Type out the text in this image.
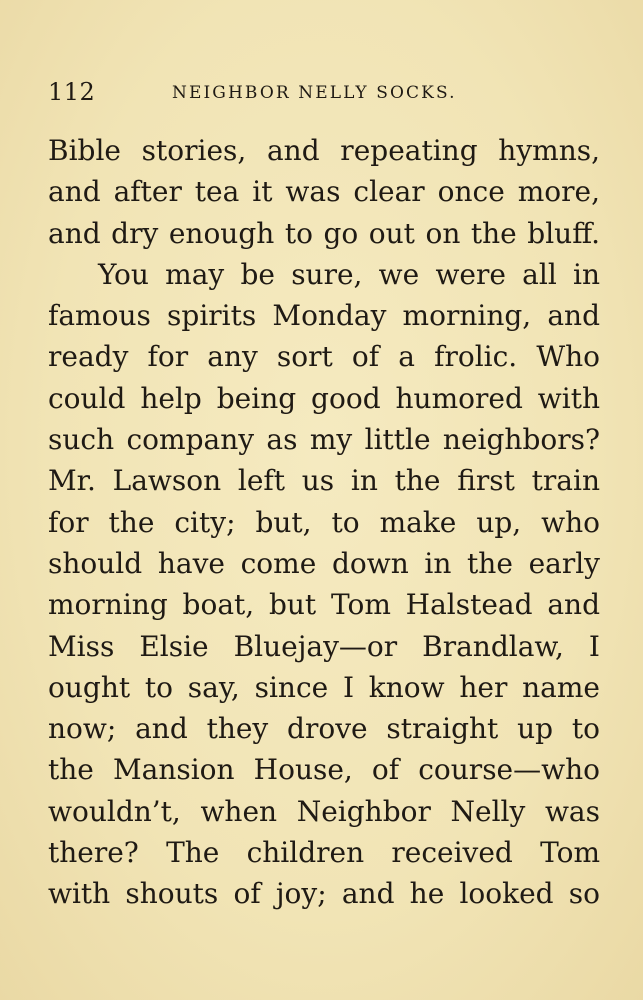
112	NEIGHBOR NELLY SOCKS.
Bible stories, and repeating hymns,
and after tea it was clear once more,
and dry enough to go out on the bluff.
You may be sure, we were all in
famous spirits Monday morning, and
ready for any sort of a frolic. Who
could help being good humored with
such company as my little neighbors?
Mr. Lawson left us in the first train
for the city; but, to make up, who
should have come down in the early
morning boat, but Tom Halstead and
Miss Elsie Bluejay—or Brandlaw, I
ought to say, since I know her name
now; and they drove straight up to
the Mansion House, of course—who
wouldn’t, when Neighbor Nelly was
there? The children received Tom
with shouts of joy; and he looked so
